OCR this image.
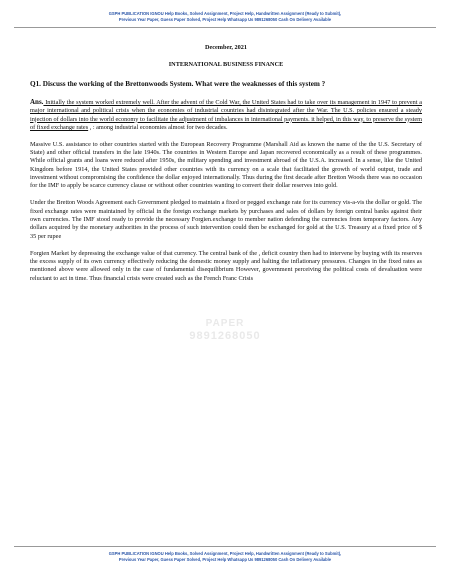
GSPH PUBLICATION IGNOU Help Books, Solved Assignment, Project Help, Handwritten Assignment (Ready to Submit),
Previous Year Paper, Guess Paper Solved, Project Help Whatsapp Us 9891268050 Cash On Delivery Available
PAPER
9891268050
December, 2021
INTERNATIONAL BUSINESS FINANCE
Q1. Discuss the working of the Brettonwoods System. What were the weaknesses of this system ?

Ans. Initially the system worked extremely well. After the advent of the Cold War, the United States had to take over its management in 1947 to prevent a major international and political crisis when the economies of industrial countries had disintegrated after the War. The U.S. policies ensured a steady injection of dollars into the world economy to facilitate the adjustment of imbalances in international payments. it helped, in this way, to preserve the system of fixed exchange rates , : among industrial economies almost for two decades.

Massive U.S. assistance to other countries started with the European Recovery Programme (Marshall Aid as known the name of the the U.S. Secretary of State) and other official transfers in the late 1940s. The countries in Western Europe and Japan recovered economically as a result of these programmes. While official grants and loans were reduced after 1950s, the military spending and investment abroad of the U.S.A. increased. In a sense, like the United Kingdom before 1914, the United States provided other countries with its currency on a scale that facilitated the growth of world output, trade and investment without compromising the confidence the dollar enjoyed internationally. Thus during the first decade after Bretton Woods there was no occasion for the IMF to apply be scarce currency clause or without other countries wanting to convert their dollar reserves into gold.

Under the Bretton Woods Agreement each Government pledged to maintain a fixed or pegged exchange rate for its currency vis-a-vis the dollar or gold. The fixed exchange rates were maintained by official in the foreign exchange markets by purchases and sales of dollars by foreign central banks against their own currencies. The IMF stood ready to provide the necessary Forgien.exchange to member nation defending the currencies from temporary factors. Any dollars acquired by the monetary authorities in the process of such intervention could then be exchanged for gold at the U.S. Treasury at a fixed price of $ 35 per rupee

Forgien Market by depressing the exchange value of that currency. The central bank of the , deficit country then had to intervene by buying with its reserves the excess supply of its own currency effectively reducing the domestic money supply and halting the inflationary pressures. Changes in the fixed rates as mentioned above were allowed only in the case of fundamental disequilibrium However, government perceiving the political costs of devaluation were reluctant to act in time. Thus financial crisis were created such as the French Franc Crisis

GSPH PUBLICATION IGNOU Help Books, Solved Assignment, Project Help, Handwritten Assignment (Ready to Submit),
Previous Year Paper, Guess Paper Solved, Project Help Whatsapp Us 9891268050 Cash On Delivery Available
